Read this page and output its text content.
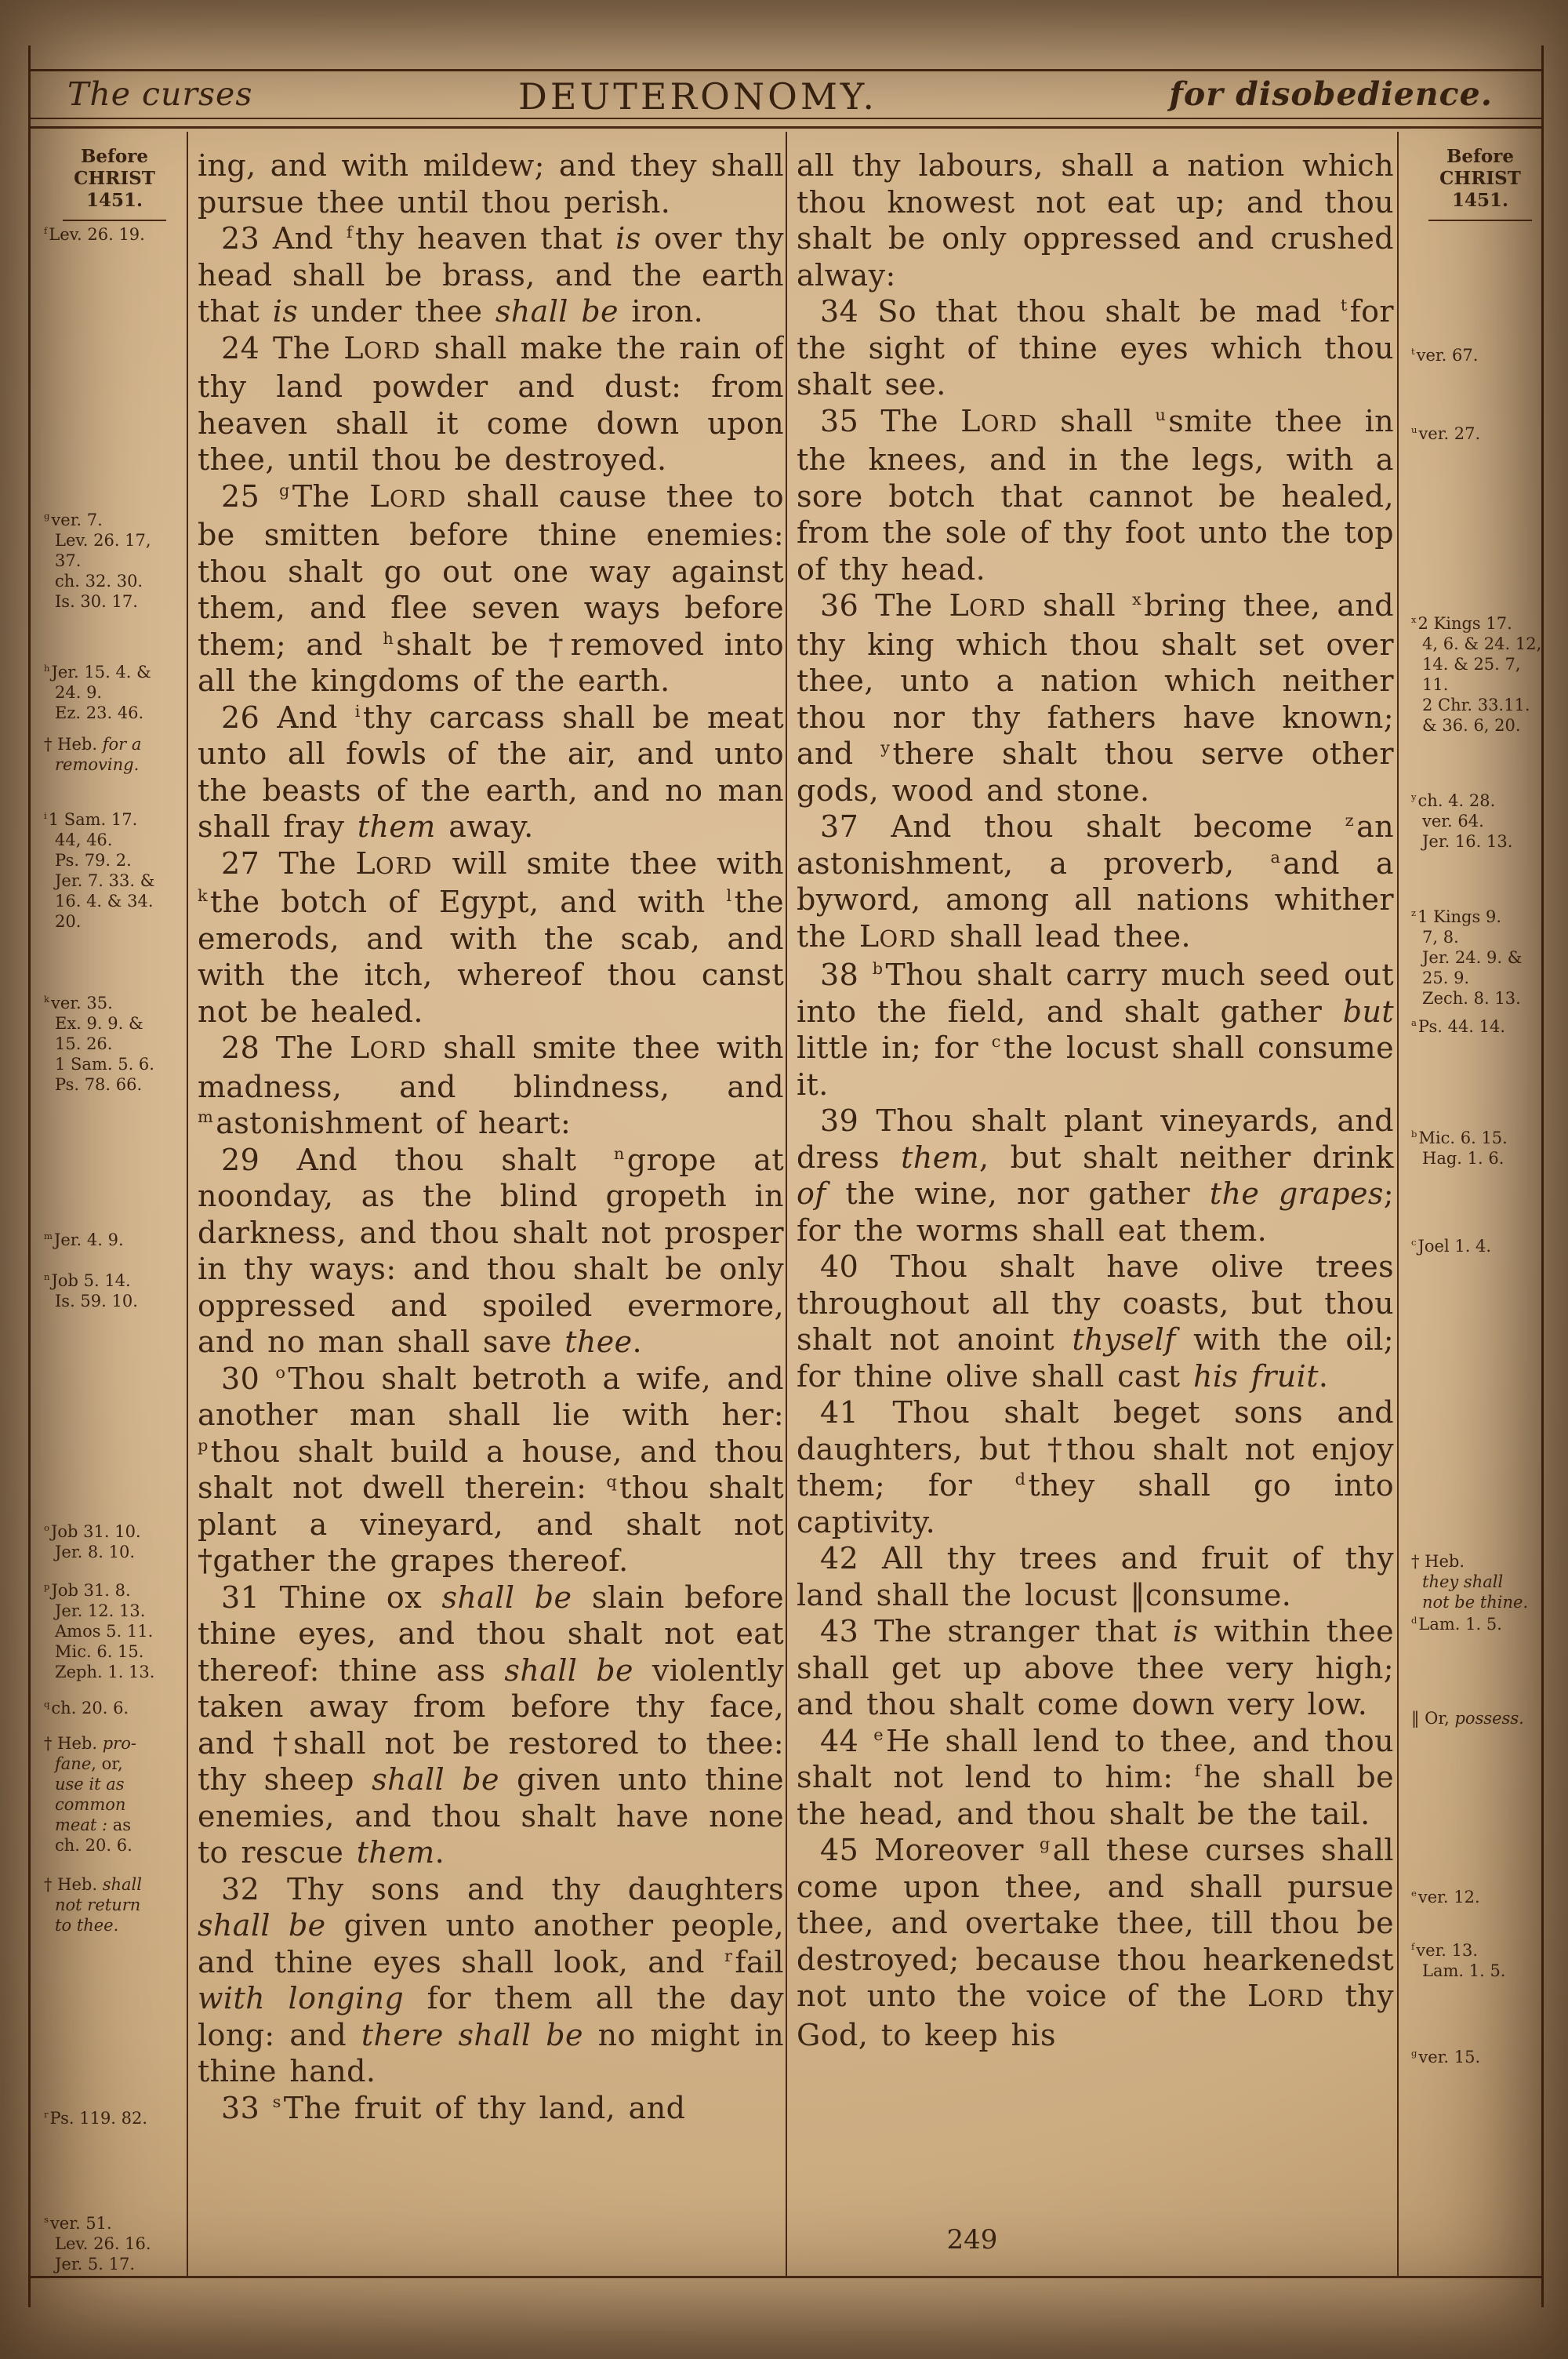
The curses	DEUTERONOMY.	for disobedience.
Before
CHRIST
1451.
Before
CHRIST
1451.

ing, and with mildew; and they shall pursue thee until thou perish.

23 And $^f$thy heaven that is over thy head shall be brass, and the earth that is under thee shall be iron.

24 The LORD shall make the rain of thy land powder and dust: from heaven shall it come down upon thee, until thou be destroyed.

25 $^g$The LORD shall cause thee to be smitten before thine enemies: thou shalt go out one way against them, and flee seven ways before them; and $^h$shalt be †removed into all the kingdoms of the earth.

26 And $^i$thy carcass shall be meat unto all fowls of the air, and unto the beasts of the earth, and no man shall fray them away.

27 The LORD will smite thee with $^k$the botch of Egypt, and with $^l$the emerods, and with the scab, and with the itch, whereof thou canst not be healed.

28 The LORD shall smite thee with madness, and blindness, and $^m$astonishment of heart:

29 And thou shalt $^n$grope at noonday, as the blind gropeth in darkness, and thou shalt not prosper in thy ways: and thou shalt be only oppressed and spoiled evermore, and no man shall save thee.

30 $^o$Thou shalt betroth a wife, and another man shall lie with her: $^p$thou shalt build a house, and thou shalt not dwell therein: $^q$thou shalt plant a vineyard, and shalt not †gather the grapes thereof.

31 Thine ox shall be slain before thine eyes, and thou shalt not eat thereof: thine ass shall be violently taken away from before thy face, and †shall not be restored to thee: thy sheep shall be given unto thine enemies, and thou shalt have none to rescue them.

32 Thy sons and thy daughters shall be given unto another people, and thine eyes shall look, and $^r$fail with longing for them all the day long: and there shall be no might in thine hand.

33 $^s$The fruit of thy land, and

all thy labours, shall a nation which thou knowest not eat up; and thou shalt be only oppressed and crushed alway:

34 So that thou shalt be mad $^t$for the sight of thine eyes which thou shalt see.

35 The LORD shall $^u$smite thee in the knees, and in the legs, with a sore botch that cannot be healed, from the sole of thy foot unto the top of thy head.

36 The LORD shall $^x$bring thee, and thy king which thou shalt set over thee, unto a nation which neither thou nor thy fathers have known; and $^y$there shalt thou serve other gods, wood and stone.

37 And thou shalt become $^z$an astonishment, a proverb, $^a$and a byword, among all nations whither the LORD shall lead thee.

38 $^b$Thou shalt carry much seed out into the field, and shalt gather but little in; for $^c$the locust shall consume it.

39 Thou shalt plant vineyards, and dress them, but shalt neither drink of the wine, nor gather the grapes; for the worms shall eat them.

40 Thou shalt have olive trees throughout all thy coasts, but thou shalt not anoint thyself with the oil; for thine olive shall cast his fruit.

41 Thou shalt beget sons and daughters, but †thou shalt not enjoy them; for $^d$they shall go into captivity.

42 All thy trees and fruit of thy land shall the locust ‖consume.

43 The stranger that is within thee shall get up above thee very high; and thou shalt come down very low.

44 $^e$He shall lend to thee, and thou shalt not lend to him: $^f$he shall be the head, and thou shalt be the tail.

45 Moreover $^g$all these curses shall come upon thee, and shall pursue thee, and overtake thee, till thou be destroyed; because thou hearkenedst not unto the voice of the LORD thy God, to keep his

$^f$Lev. 26. 19.
$^g$ver. 7.
Lev. 26. 17,
37.
ch. 32. 30.
Is. 30. 17.
$^h$Jer. 15. 4. &
24. 9.
Ez. 23. 46.
† Heb. for a
removing.
$^i$1 Sam. 17.
44, 46.
Ps. 79. 2.
Jer. 7. 33. &
16. 4. & 34.
20.
$^k$ver. 35.
Ex. 9. 9. &
15. 26.
1 Sam. 5. 6.
Ps. 78. 66.
$^m$Jer. 4. 9.
$^n$Job 5. 14.
Is. 59. 10.
$^o$Job 31. 10.
Jer. 8. 10.
$^p$Job 31. 8.
Jer. 12. 13.
Amos 5. 11.
Mic. 6. 15.
Zeph. 1. 13.
$^q$ch. 20. 6.
† Heb. pro-
fane, or,
use it as
common
meat : as
ch. 20. 6.
† Heb. shall
not return
to thee.
$^r$Ps. 119. 82.
$^s$ver. 51.
Lev. 26. 16.
Jer. 5. 17.
$^t$ver. 67.
$^u$ver. 27.
$^x$2 Kings 17.
4, 6. & 24. 12,
14. & 25. 7,
11.
2 Chr. 33.11.
& 36. 6, 20.
$^y$ch. 4. 28.
ver. 64.
Jer. 16. 13.
$^z$1 Kings 9.
7, 8.
Jer. 24. 9. &
25. 9.
Zech. 8. 13.
$^a$Ps. 44. 14.
$^b$Mic. 6. 15.
Hag. 1. 6.
$^c$Joel 1. 4.
† Heb.
they shall
not be thine.
$^d$Lam. 1. 5.
‖ Or, possess.
$^e$ver. 12.
$^f$ver. 13.
Lam. 1. 5.
$^g$ver. 15.
249
